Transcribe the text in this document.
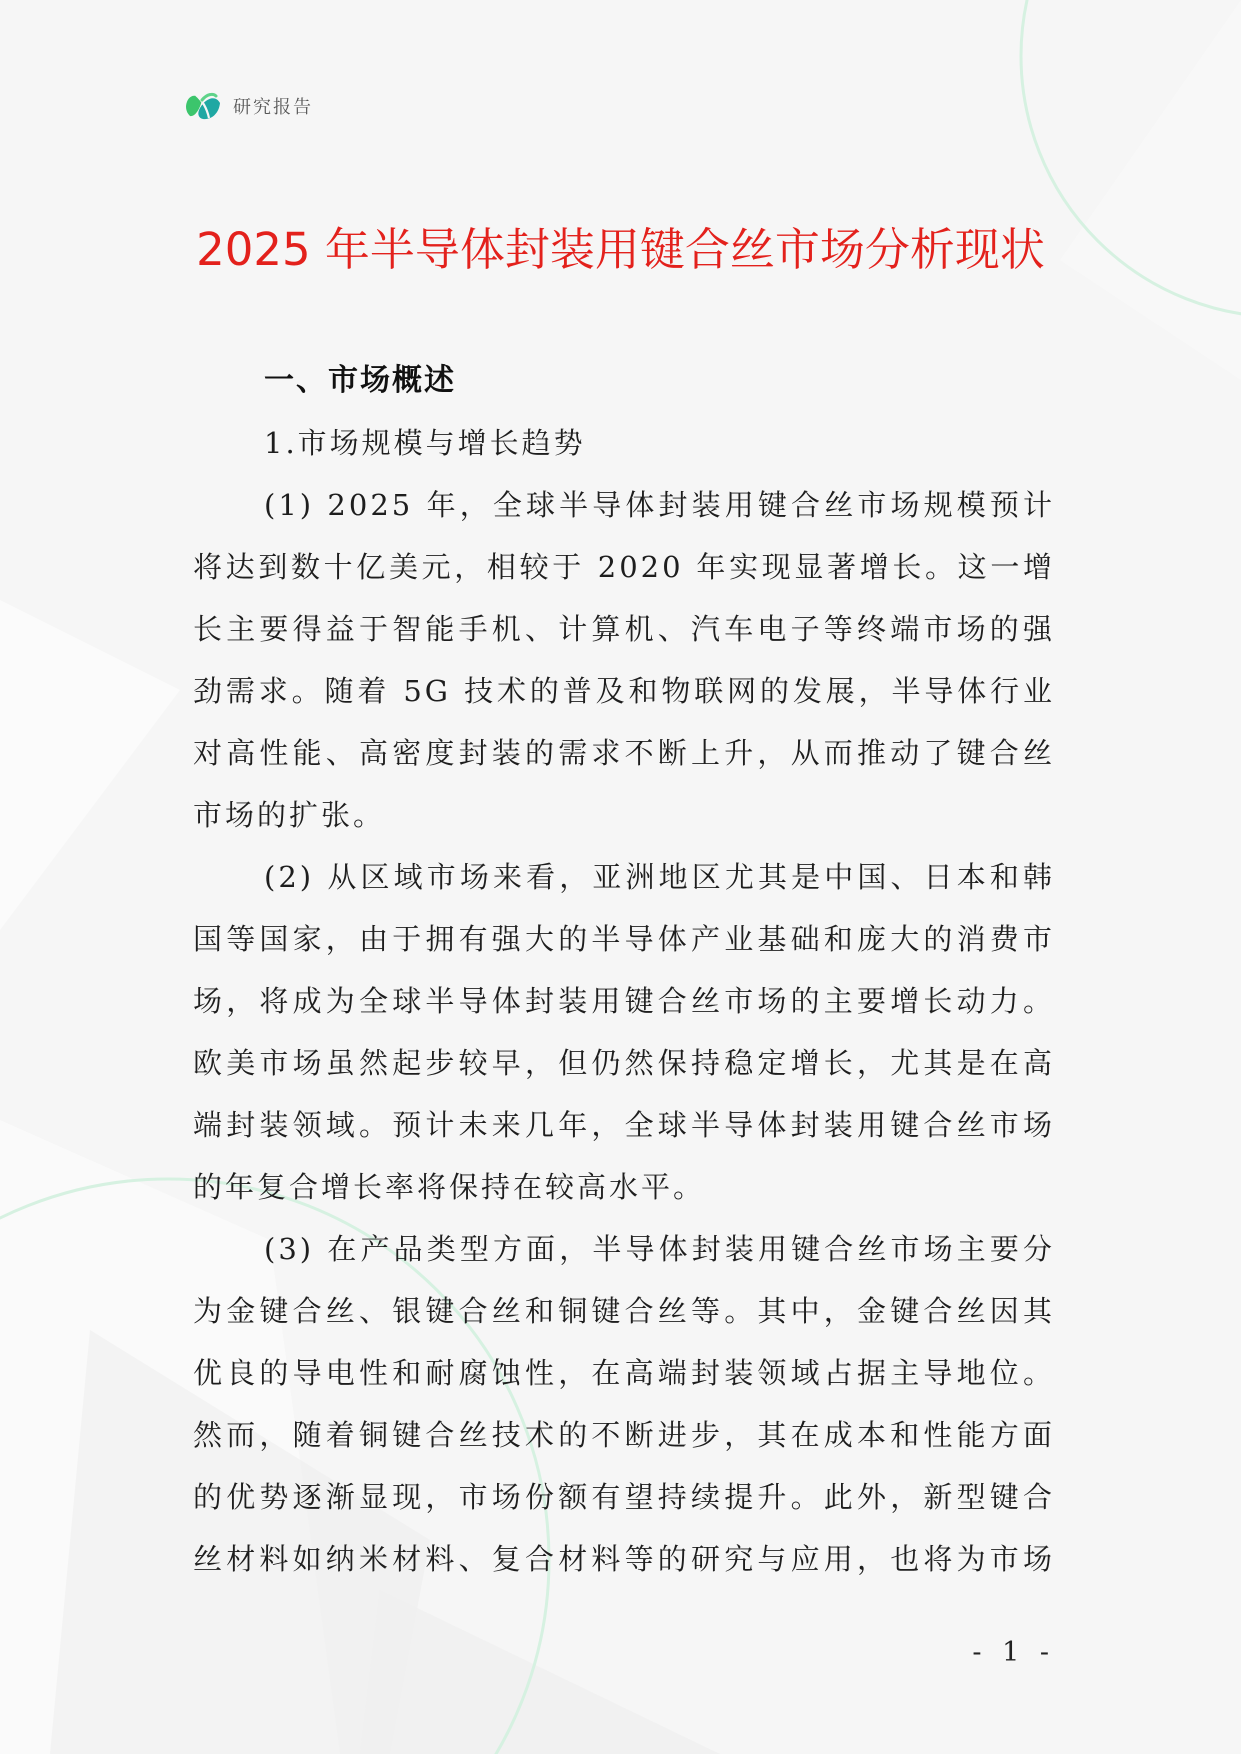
研究报告
2025 年半导体封装用键合丝市场分析现状
一、市场概述
1.市场规模与增长趋势
(1) 2025 年，全球半导体封装用键合丝市场规模预计
将达到数十亿美元，相较于 2020 年实现显著增长。这一增
长主要得益于智能手机、计算机、汽车电子等终端市场的强
劲需求。随着 5G 技术的普及和物联网的发展，半导体行业
对高性能、高密度封装的需求不断上升，从而推动了键合丝
市场的扩张。
(2) 从区域市场来看，亚洲地区尤其是中国、日本和韩
国等国家，由于拥有强大的半导体产业基础和庞大的消费市
场，将成为全球半导体封装用键合丝市场的主要增长动力。
欧美市场虽然起步较早，但仍然保持稳定增长，尤其是在高
端封装领域。预计未来几年，全球半导体封装用键合丝市场
的年复合增长率将保持在较高水平。
(3) 在产品类型方面，半导体封装用键合丝市场主要分
为金键合丝、银键合丝和铜键合丝等。其中，金键合丝因其
优良的导电性和耐腐蚀性，在高端封装领域占据主导地位。
然而，随着铜键合丝技术的不断进步，其在成本和性能方面
的优势逐渐显现，市场份额有望持续提升。此外，新型键合
丝材料如纳米材料、复合材料等的研究与应用，也将为市场
- 1 -
